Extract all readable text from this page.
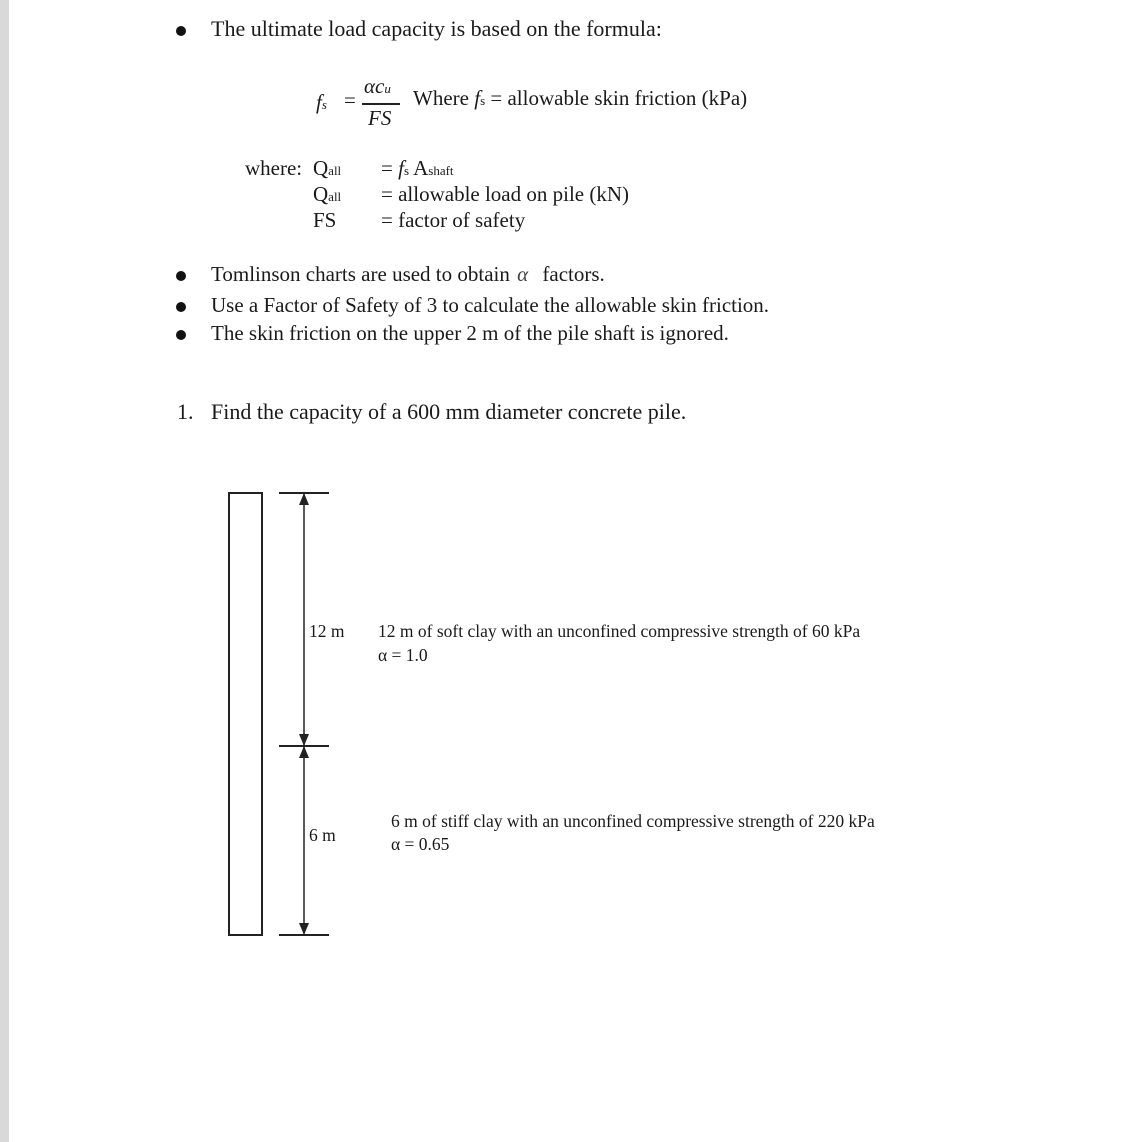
The ultimate load capacity is based on the formula:
fs =
αcu
FS
Where fs = allowable skin friction (kPa)
where: Qall = fs Ashaft
Qall = allowable load on pile (kN)
FS = factor of safety
Tomlinson charts are used to obtain α factors.
Use a Factor of Safety of 3 to calculate the allowable skin friction.
The skin friction on the upper 2 m of the pile shaft is ignored.
1. Find the capacity of a 600 mm diameter concrete pile.
12 m 12 m of soft clay with an unconfined compressive strength of 60 kPa
α = 1.0
6 m
6 m of stiff clay with an unconfined compressive strength of 220 kPa
α = 0.65
